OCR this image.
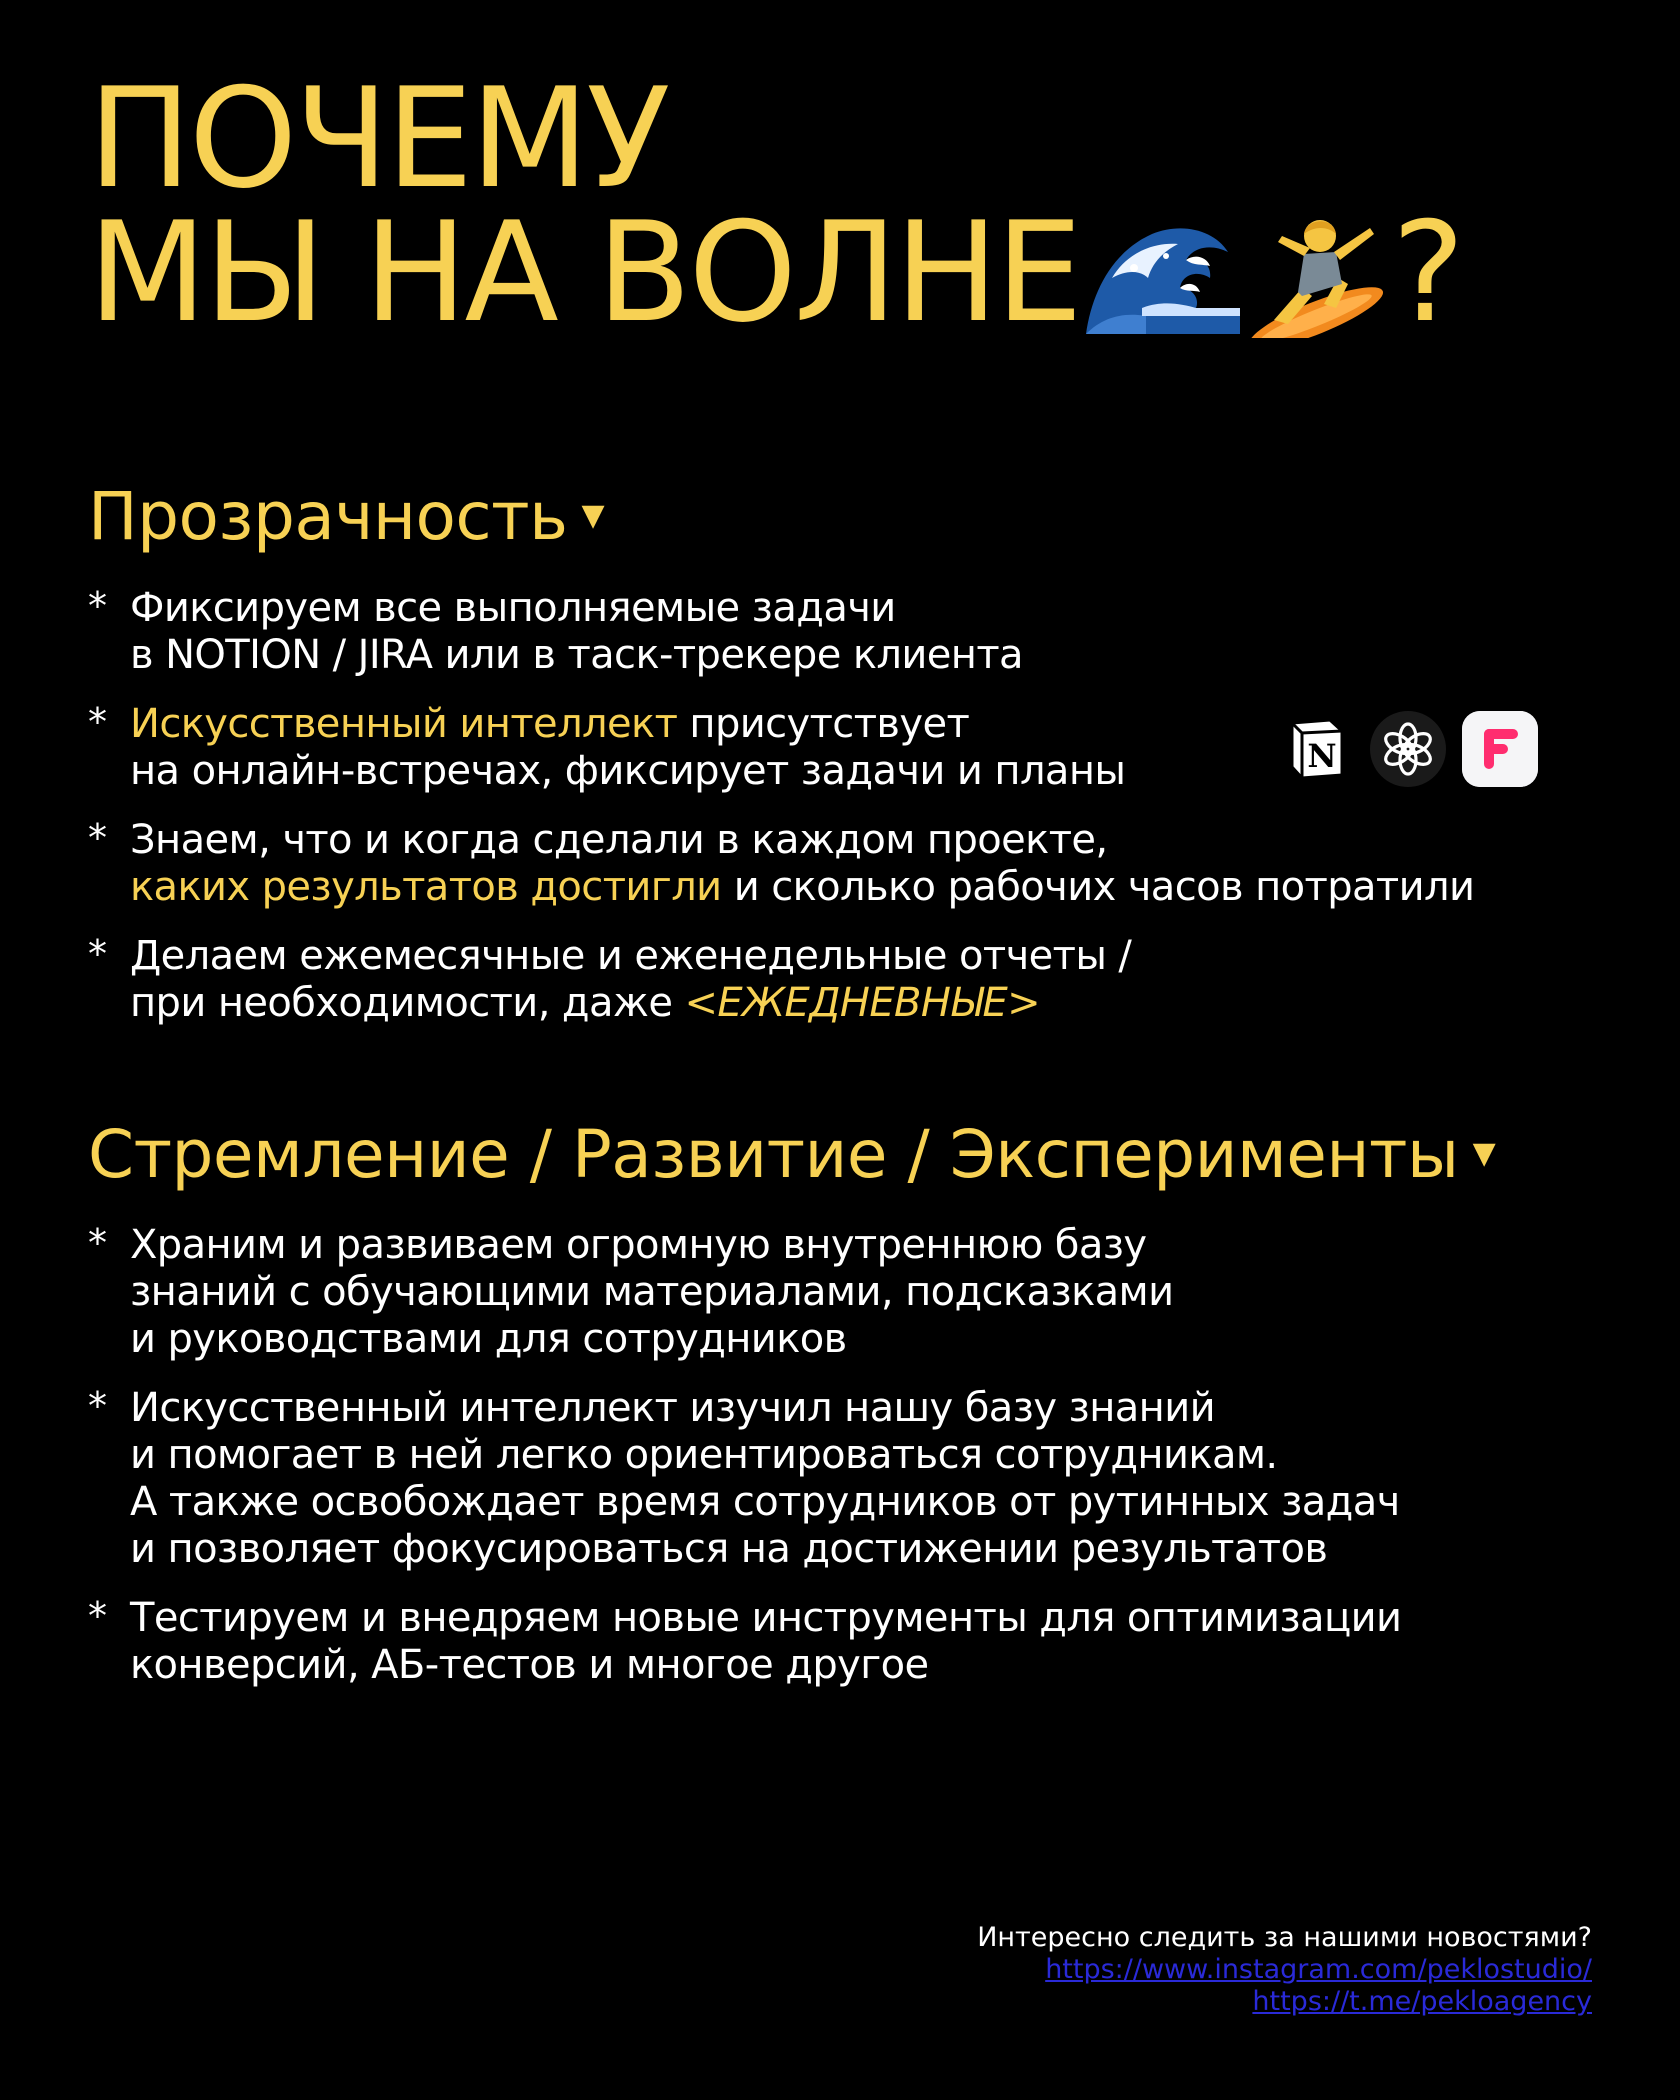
ПОЧЕМУ
МЫ НА ВОЛНЕ ?
Прозрачность ▼
* Фиксируем все выполняемые задачи
в NOTION / JIRA или в таск-трекере клиента
* Искусственный интеллект присутствует
на онлайн-встречах, фиксирует задачи и планы
* Знаем, что и когда сделали в каждом проекте,
каких результатов достигли и сколько рабочих часов потратили
* Делаем ежемесячные и еженедельные отчеты /
при необходимости, даже <ЕЖЕДНЕВНЫЕ>
N
Стремление / Развитие / Эксперименты ▼
* Храним и развиваем огромную внутреннюю базу
знаний с обучающими материалами, подсказками
и руководствами для сотрудников
* Искусственный интеллект изучил нашу базу знаний
и помогает в ней легко ориентироваться сотрудникам.
А также освобождает время сотрудников от рутинных задач
и позволяет фокусироваться на достижении результатов
* Тестируем и внедряем новые инструменты для оптимизации
конверсий, АБ-тестов и многое другое
Интересно следить за нашими новостями?
https://www.instagram.com/peklostudio/
https://t.me/pekloagency
